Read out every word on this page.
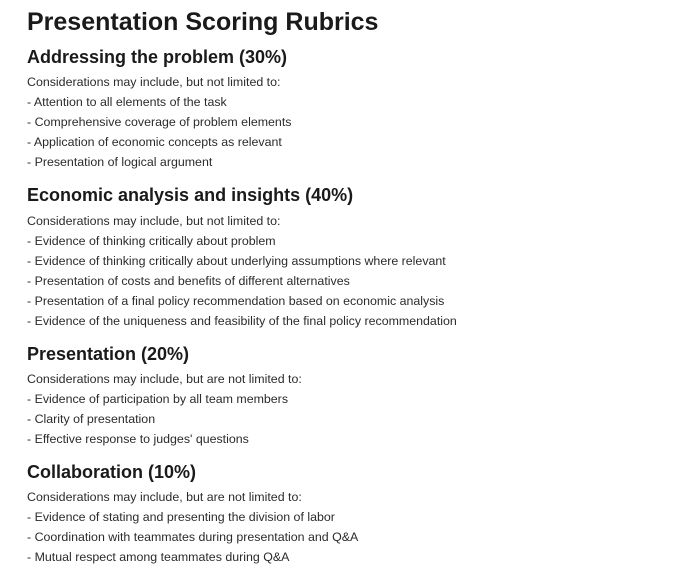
Presentation Scoring Rubrics
Addressing the problem (30%)

Considerations may include, but not limited to:

- Attention to all elements of the task

- Comprehensive coverage of problem elements

- Application of economic concepts as relevant

- Presentation of logical argument

Economic analysis and insights (40%)

Considerations may include, but not limited to:

- Evidence of thinking critically about problem

- Evidence of thinking critically about underlying assumptions where relevant

- Presentation of costs and benefits of different alternatives

- Presentation of a final policy recommendation based on economic analysis

- Evidence of the uniqueness and feasibility of the final policy recommendation

Presentation (20%)

Considerations may include, but are not limited to:

- Evidence of participation by all team members

- Clarity of presentation

- Effective response to judges' questions

Collaboration (10%)

Considerations may include, but are not limited to:

- Evidence of stating and presenting the division of labor

- Coordination with teammates during presentation and Q&A

- Mutual respect among teammates during Q&A
